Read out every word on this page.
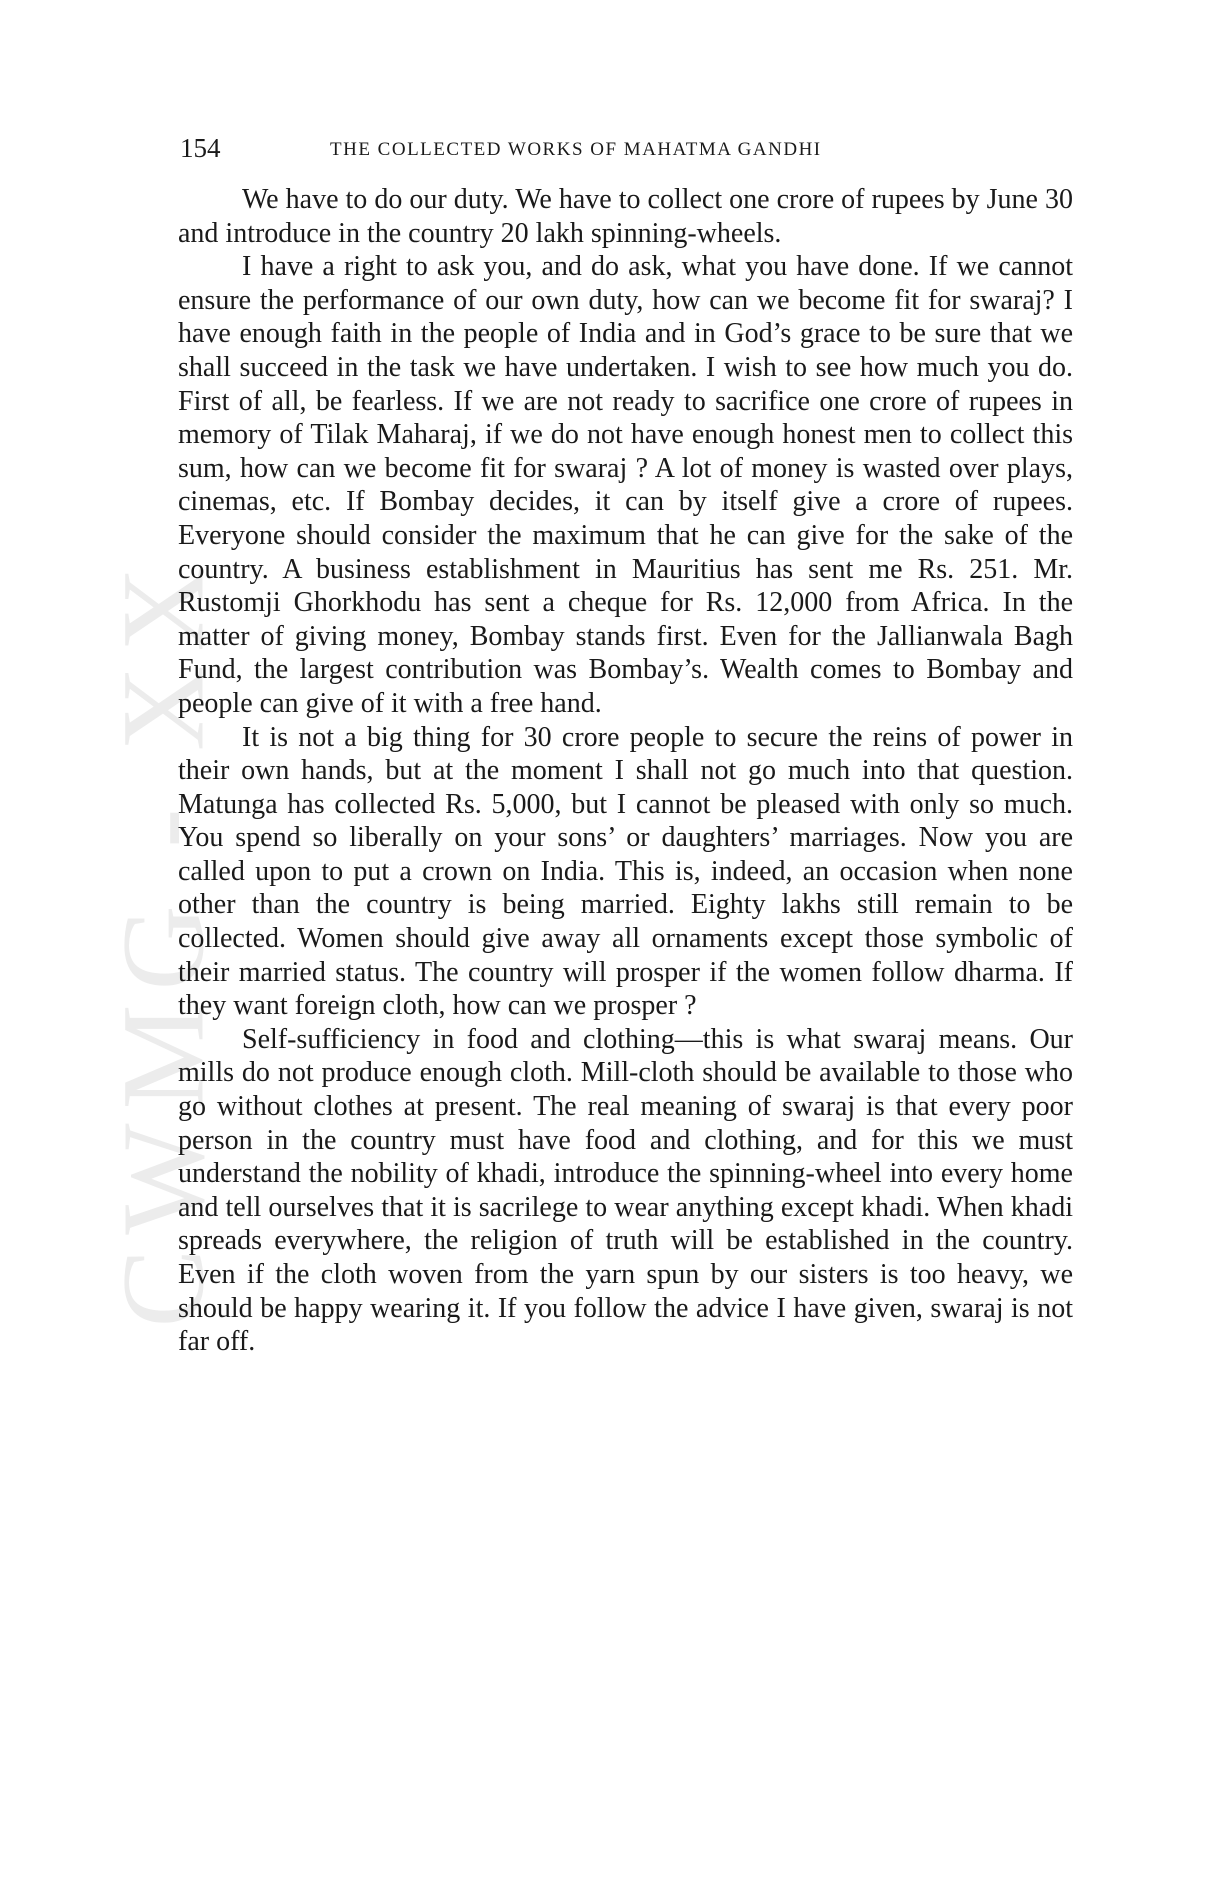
CWMG - XX
154	THE COLLECTED WORKS OF MAHATMA GANDHI

We have to do our duty. We have to collect one crore of rupees by June 30 and introduce in the country 20 lakh spinning-wheels.

I have a right to ask you, and do ask, what you have done. If we cannot ensure the performance of our own duty, how can we become fit for swaraj? I have enough faith in the people of India and in God’s grace to be sure that we shall succeed in the task we have undertaken. I wish to see how much you do. First of all, be fearless. If we are not ready to sacrifice one crore of rupees in memory of Tilak Maharaj, if we do not have enough honest men to collect this sum, how can we become fit for swaraj ? A lot of money is wasted over plays, cinemas, etc. If Bombay decides, it can by itself give a crore of rupees. Everyone should consider the maximum that he can give for the sake of the country. A business establishment in Mauritius has sent me Rs. 251. Mr. Rustomji Ghorkhodu has sent a cheque for Rs. 12,000 from Africa. In the matter of giving money, Bombay stands first. Even for the Jallianwala Bagh Fund, the largest contribution was Bombay’s. Wealth comes to Bombay and people can give of it with a free hand.

It is not a big thing for 30 crore people to secure the reins of power in their own hands, but at the moment I shall not go much into that question. Matunga has collected Rs. 5,000, but I cannot be pleased with only so much. You spend so liberally on your sons’ or daughters’ marriages. Now you are called upon to put a crown on India. This is, indeed, an occasion when none other than the country is being married. Eighty lakhs still remain to be collected. Women should give away all ornaments except those symbolic of their married status. The country will prosper if the women follow dharma. If they want foreign cloth, how can we prosper ?

Self-sufficiency in food and clothing—this is what swaraj means. Our mills do not produce enough cloth. Mill-cloth should be available to those who go without clothes at present. The real meaning of swaraj is that every poor person in the country must have food and clothing, and for this we must understand the nobility of khadi, introduce the spinning-wheel into every home and tell ourselves that it is sacrilege to wear anything except khadi. When khadi spreads everywhere, the religion of truth will be established in the country. Even if the cloth woven from the yarn spun by our sisters is too heavy, we should be happy wearing it. If you follow the advice I have given, swaraj is not far off.
